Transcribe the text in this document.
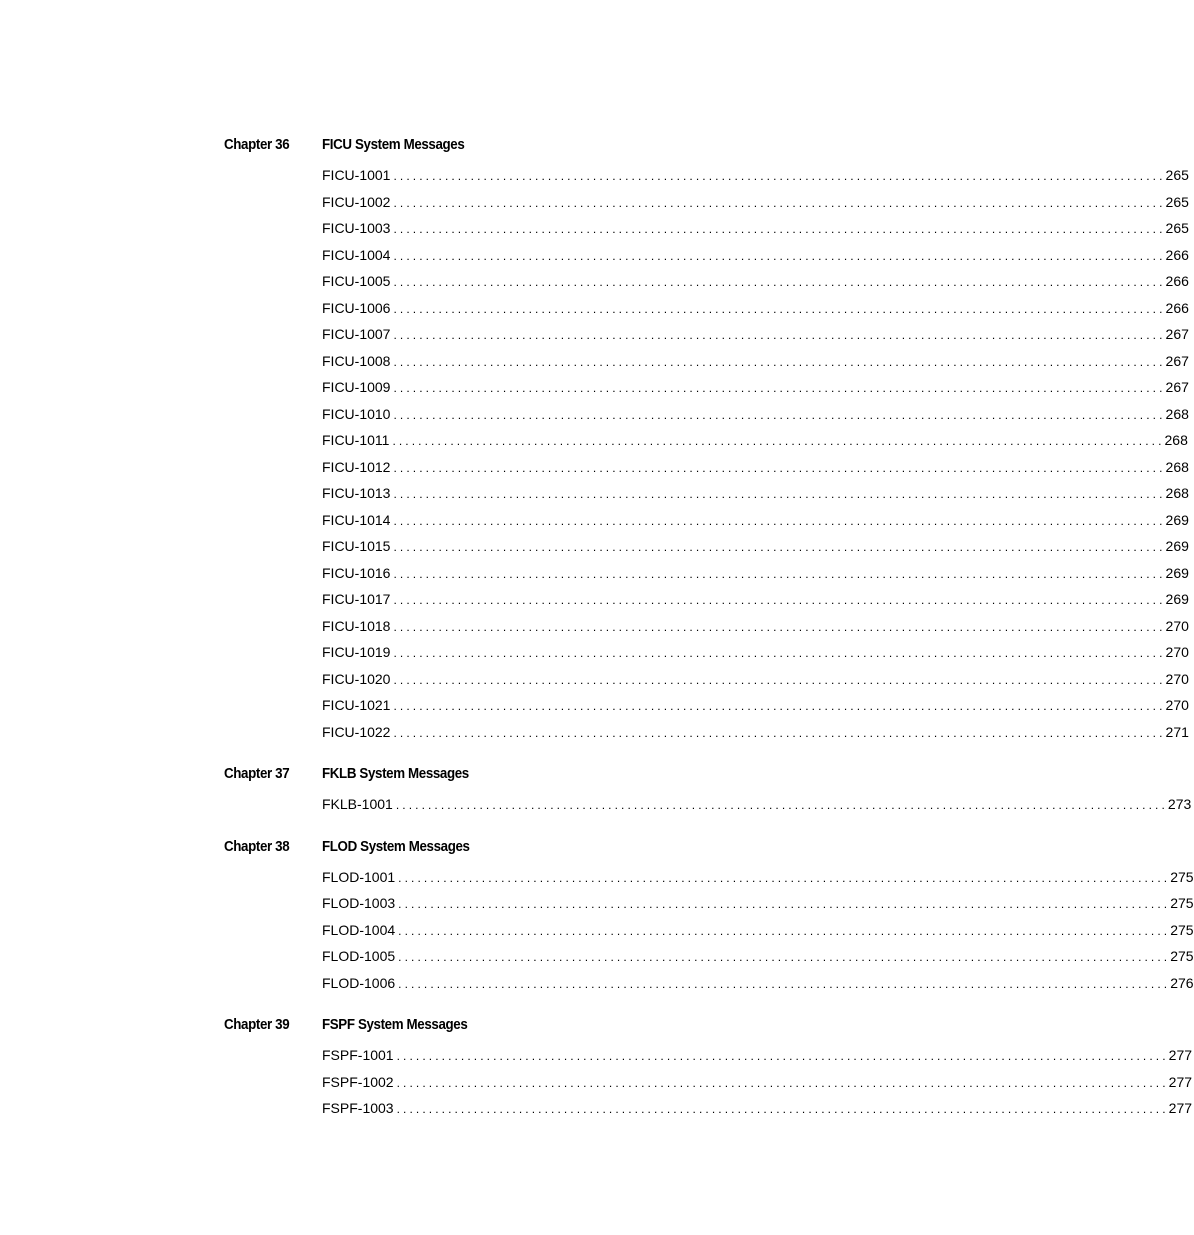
Chapter 36 FICU System Messages
FICU-1001 ........................................................................................................................ 265
FICU-1002 ........................................................................................................................ 265
FICU-1003 ........................................................................................................................ 265
FICU-1004 ........................................................................................................................ 266
FICU-1005 ........................................................................................................................ 266
FICU-1006 ........................................................................................................................ 266
FICU-1007 ........................................................................................................................ 267
FICU-1008 ........................................................................................................................ 267
FICU-1009 ........................................................................................................................ 267
FICU-1010 ........................................................................................................................ 268
FICU-1011 ........................................................................................................................ 268
FICU-1012 ........................................................................................................................ 268
FICU-1013 ........................................................................................................................ 268
FICU-1014 ........................................................................................................................ 269
FICU-1015 ........................................................................................................................ 269
FICU-1016 ........................................................................................................................ 269
FICU-1017 ........................................................................................................................ 269
FICU-1018 ........................................................................................................................ 270
FICU-1019 ........................................................................................................................ 270
FICU-1020 ........................................................................................................................ 270
FICU-1021 ........................................................................................................................ 270
FICU-1022 ........................................................................................................................ 271
Chapter 37 FKLB System Messages
FKLB-1001 ........................................................................................................................ 273
Chapter 38 FLOD System Messages
FLOD-1001 ........................................................................................................................ 275
FLOD-1003 ........................................................................................................................ 275
FLOD-1004 ........................................................................................................................ 275
FLOD-1005 ........................................................................................................................ 275
FLOD-1006 ........................................................................................................................ 276
Chapter 39 FSPF System Messages
FSPF-1001 ........................................................................................................................ 277
FSPF-1002 ........................................................................................................................ 277
FSPF-1003 ........................................................................................................................ 277
